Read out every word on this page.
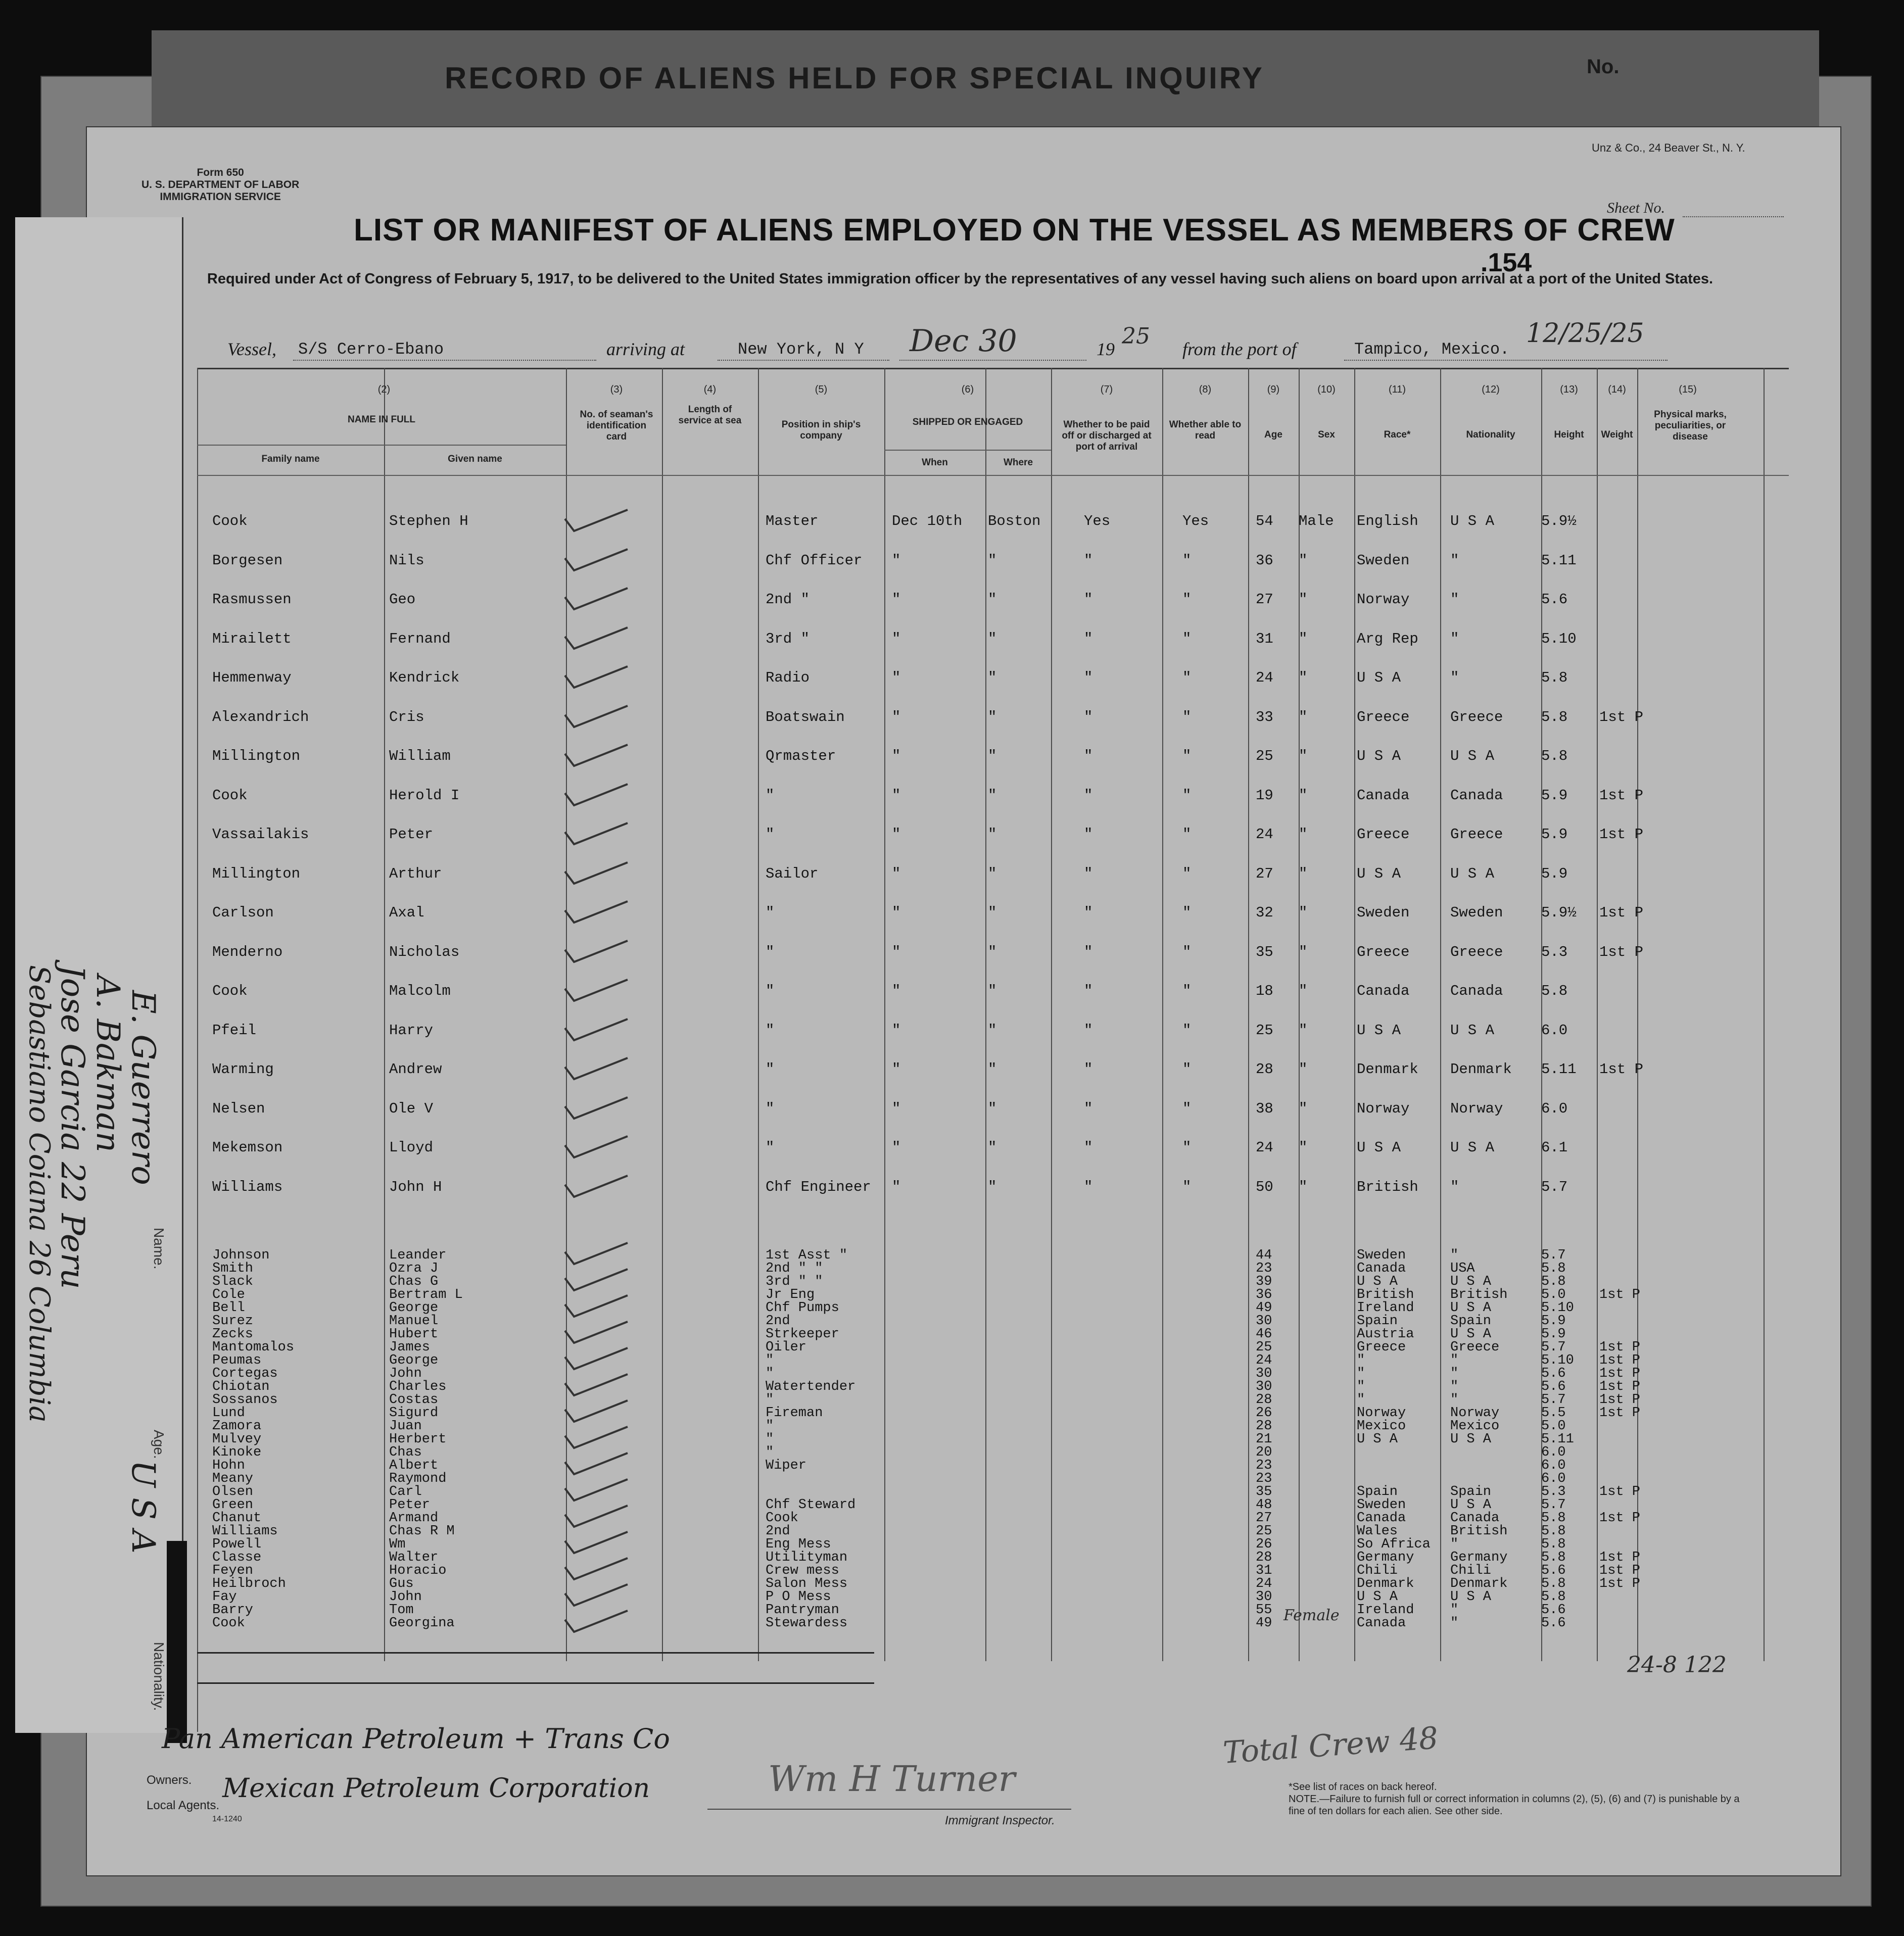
RECORD OF ALIENS HELD FOR SPECIAL INQUIRY	No.
Name.
Age.
Nationality.
E. Guerrero
A. Bakman
Jose Garcia 22 Peru
Sebastiano Coiana 26 Columbia
U S A
Form 650
U. S. DEPARTMENT OF LABOR
IMMIGRATION SERVICE
Unz & Co., 24 Beaver St., N. Y.
Sheet No.
LIST OR MANIFEST OF ALIENS EMPLOYED ON THE VESSEL AS MEMBERS OF CREW
.154
Required under Act of Congress of February 5, 1917, to be delivered to the United States immigration officer by the representatives of any vessel having such aliens on board upon arrival at a port of the United States.
Vessel, S/S Cerro-Ebano	arriving at	New York, N Y Dec 30	19 25 from the port of	Tampico, Mexico.
12/25/25
(2)	(3)	(4)	(5)	(6)	(7)	(8)	(9)	(10)	(11)	(12)	(13)	(14)	(15)
NAME IN FULL
Family name	Given name
No. of seaman's identification card
Length of service at sea	Position in ship's company
SHIPPED OR ENGAGED
When	Where
Whether to be paid off or discharged at port of arrival
Whether able to read	Age	Sex	Race*	Nationality	Height	Weight
Physical marks, peculiarities, or disease
Cook	Stephen H	Master	Dec 10th Boston	Yes	Yes	54 Male English U S A	5.9½
Borgesen	Nils	Chf Officer "	"	"	"	36 "	Sweden	"	5.11
Rasmussen	Geo	2nd "	"	"	"	"	27 "	Norway	"	5.6
Mirailett	Fernand	3rd "	"	"	"	"	31 "	Arg Rep "	5.10
Hemmenway	Kendrick	Radio	"	"	"	"	24 "	U S A	"	5.8
Alexandrich	Cris	Boatswain	"	"	"	"	33 "	Greece	Greece	5.8 1st P
Millington	William	Qrmaster	"	"	"	"	25 "	U S A	U S A	5.8
Cook	Herold I	"	"	"	"	"	19 "	Canada	Canada	5.9 1st P
Vassailakis	Peter	"	"	"	"	"	24 "	Greece	Greece	5.9 1st P
Millington	Arthur	Sailor	"	"	"	"	27 "	U S A	U S A	5.9
Carlson	Axal	"	"	"	"	"	32 "	Sweden	Sweden	5.9½ 1st P
Menderno	Nicholas	"	"	"	"	"	35 "	Greece	Greece	5.3 1st P
Cook	Malcolm	"	"	"	"	"	18 "	Canada	Canada	5.8
Pfeil	Harry	"	"	"	"	"	25 "	U S A	U S A	6.0
Warming	Andrew	"	"	"	"	"	28 "	Denmark Denmark 5.11 1st P
Nelsen	Ole V	"	"	"	"	"	38 "	Norway	Norway	6.0
Mekemson	Lloyd	"	"	"	"	"	24 "	U S A	U S A	6.1
Williams	John H	Chf Engineer "	"	"	"	50 "	British "	5.7
Johnson	Leander	1st Asst "	44	Sweden	"	5.7
Smith	Ozra J	2nd " "	23	Canada	USA	5.8
Slack	Chas G	3rd " "	39	U S A	U S A	5.8
Cole	Bertram L	Jr Eng	36	British	British 5.0 1st P
Bell	George	Chf Pumps	49	Ireland	U S A	5.10
Surez	Manuel	2nd	30	Spain	Spain	5.9
Zecks	Hubert	Strkeeper	46	Austria	U S A	5.9
Mantomalos	James	Oiler	25	Greece	Greece	5.7 1st P
Peumas	George	"	24	"	"	5.10 1st P
Cortegas	John	"	30	"	"	5.6 1st P
Chiotan	Charles	Watertender	30	"	"	5.6 1st P
Sossanos	Costas	"	28	"	"	5.7 1st P
Lund	Sigurd	Fireman	26	Norway	Norway	5.5 1st P
Zamora	Juan	"	28	Mexico	Mexico	5.0
Mulvey	Herbert	"	21	U S A	U S A	5.11
Kinoke	Chas	"	20	6.0
Hohn	Albert	Wiper	23	6.0
Meany	Raymond	23	6.0
Olsen	Carl	35	Spain	Spain	5.3 1st P
Green	Peter	Chf Steward	48	Sweden	U S A	5.7
Chanut	Armand	Cook	27	Canada	Canada	5.8 1st P
Williams	Chas R M	2nd	25	Wales	British 5.8
Powell	Wm	Eng Mess	26	So Africa "	5.8
Classe	Walter	Utilityman	28	Germany	Germany 5.8 1st P
Feyen	Horacio	Crew mess	31	Chili	Chili	5.6 1st P
Heilbroch	Gus	Salon Mess	24	Denmark	Denmark 5.8 1st P
Fay	John	P O Mess	30	U S A	U S A	5.8
Barry	Tom	Pantryman	55	Ireland	"	5.6
Cook	Georgina	Stewardess	49	Canada	"	5.6
Female
Total Crew 48
24-8 122
Wm H Turner
Immigrant Inspector.
Pan American Petroleum + Trans Co
Owners.
Local Agents.
Mexican Petroleum Corporation
14-1240
*See list of races on back hereof.
NOTE.—Failure to furnish full or correct information in columns (2), (5), (6) and (7) is punishable by a fine of ten dollars for each alien. See other side.
